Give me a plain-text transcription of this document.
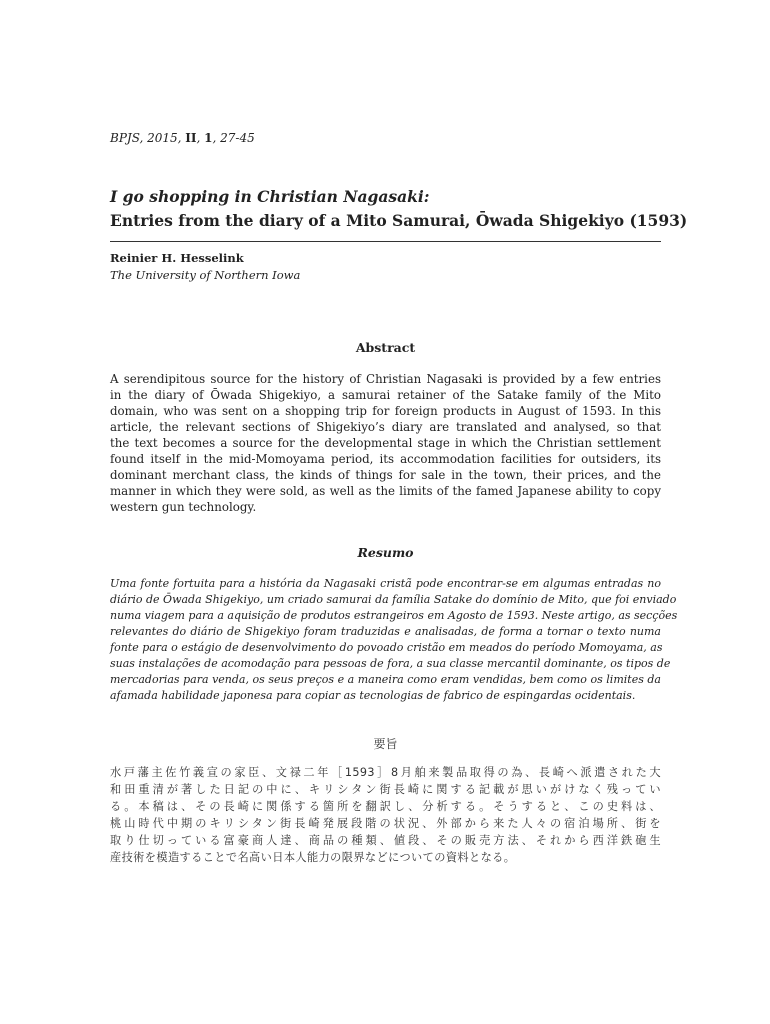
BPJS, 2015, II, 1, 27-45
I go shopping in Christian Nagasaki:
Entries from the diary of a Mito Samurai, Ōwada Shigekiyo (1593)
Reinier H. Hesselink
The University of Northern Iowa
Abstract
A serendipitous source for the history of Christian Nagasaki is provided by a few entries
in the diary of Ōwada Shigekiyo, a samurai retainer of the Satake family of the Mito
domain, who was sent on a shopping trip for foreign products in August of 1593. In this
article, the relevant sections of Shigekiyo’s diary are translated and analysed, so that
the text becomes a source for the developmental stage in which the Christian settlement
found itself in the mid-Momoyama period, its accommodation facilities for outsiders, its
dominant merchant class, the kinds of things for sale in the town, their prices, and the
manner in which they were sold, as well as the limits of the famed Japanese ability to copy
western gun technology.
Resumo
Uma fonte fortuita para a história da Nagasaki cristã pode encontrar-se em algumas entradas no
diário de Ōwada Shigekiyo, um criado samurai da família Satake do domínio de Mito, que foi enviado
numa viagem para a aquisição de produtos estrangeiros em Agosto de 1593. Neste artigo, as secções
relevantes do diário de Shigekiyo foram traduzidas e analisadas, de forma a tornar o texto numa
fonte para o estágio de desenvolvimento do povoado cristão em meados do período Momoyama, as
suas instalações de acomodação para pessoas de fora, a sua classe mercantil dominante, os tipos de
mercadorias para venda, os seus preços e a maneira como eram vendidas, bem como os limites da
afamada habilidade japonesa para copiar as tecnologias de fabrico de espingardas ocidentais.
要旨
水戸藩主佐竹義宣の家臣、文禄二年［1593］8月舶来製品取得の為、長崎へ派遣された大
和田重清が著した日記の中に、キリシタン街長崎に関する記載が思いがけなく残ってい
る。本稿は、その長崎に関係する箇所を翻訳し、分析する。そうすると、この史料は、
桃山時代中期のキリシタン街長崎発展段階の状況、外部から来た人々の宿泊場所、街を
取り仕切っている富豪商人達、商品の種類、値段、その販売方法、それから西洋鉄砲生
産技術を模造することで名高い日本人能力の限界などについての資料となる。
